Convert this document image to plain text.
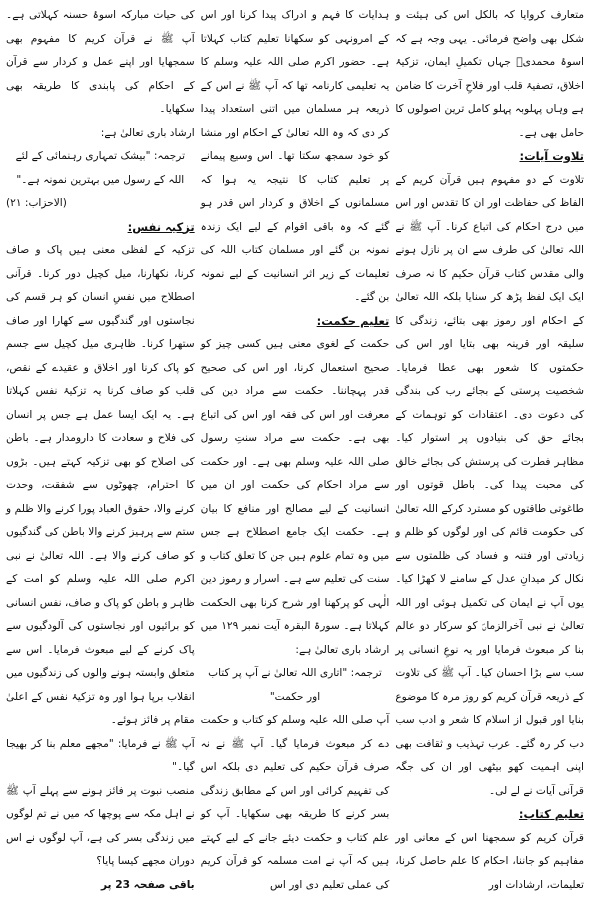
متعارف کروایا کہ بالکل اس کی ہیئت و شکل بھی واضح فرمائی۔ یہی وجہ ہے کہ اسوۂ محمدیؐ جہاں تکمیلِ ایمان، تزکیۂ اخلاق، تصفیۂ قلب اور فلاحِ آخرت کا ضامن ہے وہاں پہلوبہ پہلو کامل ترین اصولوں کا حامل بھی ہے۔

تلاوت آیات:

تلاوت کے دو مفہوم ہیں قرآن کریم کے الفاظ کی حفاظت اور ان کا تقدس اور اس میں درج احکام کی اتباع کرنا۔ آپ ﷺ نے اللہ تعالیٰ کی طرف سے ان پر نازل ہونے والی مقدس کتاب قرآن حکیم کا نہ صرف ایک ایک لفظ پڑھ کر سنایا بلکہ اللہ تعالیٰ کے احکام اور رموز بھی بتائے، زندگی کا سلیقہ اور قرینہ بھی بتایا اور اس کی حکمتوں کا شعور بھی عطا فرمایا۔ شخصیت پرستی کے بجائے رب کی بندگی کی دعوت دی۔ اعتقادات کو توہمات کے بجائے حق کی بنیادوں پر استوار کیا۔ مظاہر فطرت کی پرستش کی بجائے خالق کی محبت پیدا کی۔ باطل قوتوں اور طاغوتی طاقتوں کو مسترد کرکے اللہ تعالیٰ کی حکومت قائم کی اور لوگوں کو ظلم و زیادتی اور فتنہ و فساد کی ظلمتوں سے نکال کر میدانِ عدل کے سامنے لا کھڑا کیا۔ یوں آپ نے ایمان کی تکمیل ہوئی اور اللہ تعالیٰ نے نبی آخرالزماںؐ کو سرکار دو عالم بنا کر مبعوث فرمایا اور یہ نوعِ انسانی پر سب سے بڑا احسان کیا۔ آپ ﷺ کی تلاوت کے ذریعہ قرآن کریم کو روز مرہ کا موضوع بنایا اور قبول از اسلام کا شعر و ادب سب دب کر رہ گئے۔ عرب تہذیب و ثقافت بھی اپنی اہمیت کھو بیٹھی اور ان کی جگہ قرآنی آیات نے لے لی۔

تعلیم کتاب:

قرآن کریم کو سمجھنا اس کے معانی اور مفاہیم کو جاننا، احکام کا علم حاصل کرنا، تعلیمات، ارشادات اور

ہدایات کا فہم و ادراک پیدا کرنا اور اس کے امرونہی کو سکھانا تعلیم کتاب کہلاتا ہے۔ حضور اکرم صلی اللہ علیہ وسلم کا یہ تعلیمی کارنامہ تھا کہ آپ ﷺ نے اس کے ذریعہ ہر مسلمان میں اتنی استعداد پیدا کر دی کہ وہ اللہ تعالیٰ کے احکام اور منشا کو خود سمجھ سکتا تھا۔ اس وسیع پیمانے پر تعلیم کتاب کا نتیجہ یہ ہوا کہ مسلمانوں کے اخلاق و کردار اس قدر ہو گئے کہ وہ باقی اقوام کے لیے ایک زندہ نمونہ بن گئے اور مسلمان کتاب اللہ کی تعلیمات کے زیر اثر انسانیت کے لیے نمونہ بن گئے۔

تعلیم حکمت:

حکمت کے لغوی معنی ہیں کسی چیز کو صحیح استعمال کرنا، اور اس کی صحیح قدر پہچاننا۔ حکمت سے مراد دین کی معرفت اور اس کی فقہ اور اس کی اتباع بھی ہے۔ حکمت سے مراد سنتِ رسول صلی اللہ علیہ وسلم بھی ہے۔ اور حکمت سے مراد احکام کی حکمت اور ان میں انسانیت کے لیے مصالح اور منافع کا بیان ہے۔ حکمت ایک جامع اصطلاح ہے جس میں وہ تمام علوم ہیں جن کا تعلق کتاب و سنت کی تعلیم سے ہے۔ اسرار و رموز دین الٰہی کو پرکھنا اور شرح کرنا بھی الحکمت کہلاتا ہے۔ سورۃ البقرہ آیت نمبر ۱۲۹ میں ارشاد باری تعالیٰ ہے:

ترجمہ: "اتاری اللہ تعالیٰ نے آپ پر کتاب اور حکمت"

آپ صلی اللہ علیہ وسلم کو کتاب و حکمت دے کر مبعوث فرمایا گیا۔ آپ ﷺ نے نہ صرف قرآن حکیم کی تعلیم دی بلکہ اس کی تفہیم کرائی اور اس کے مطابق زندگی بسر کرنے کا طریقہ بھی سکھایا۔ آپ کو علم کتاب و حکمت دیئے جانے کے لیے کہتے ہیں کہ آپ نے امت مسلمہ کو قرآن کریم کی عملی تعلیم دی اور اس

کی حیات مبارکہ اسوۂ حسنہ کہلاتی ہے۔ آپ ﷺ نے قرآن کریم کا مفہوم بھی سمجھایا اور اپنے عمل و کردار سے قرآن کے احکام کی پابندی کا طریقہ بھی سکھایا۔

ارشاد باری تعالیٰ ہے:

ترجمہ: "بیشک تمہاری رہنمائی کے لئے اللہ کے رسول میں بہترین نمونہ ہے۔"

(الاحزاب: ۲۱)

تزکیہ نفس:

تزکیہ کے لفظی معنی ہیں پاک و صاف کرنا، نکھارنا، میل کچیل دور کرنا۔ قرآنی اصطلاح میں نفسِ انسان کو ہر قسم کی نجاستوں اور گندگیوں سے کھارا اور صاف ستھرا کرنا۔ ظاہری میل کچیل سے جسم کو پاک کرنا اور اخلاق و عقیدے کے نقص، قلب کو صاف کرنا یہ تزکیۂ نفس کہلاتا ہے۔ یہ ایک ایسا عمل ہے جس پر انسان کی فلاح و سعادت کا دارومدار ہے۔ باطن کی اصلاح کو بھی تزکیہ کہتے ہیں۔ بڑوں کا احترام، چھوٹوں سے شفقت، وحدت کرنے والا، حقوق العباد پورا کرنے والا ظلم و ستم سے پرہیز کرنے والا باطن کی گندگیوں کو صاف کرنے والا ہے۔ اللہ تعالیٰ نے نبی اکرم صلی اللہ علیہ وسلم کو امت کے ظاہر و باطن کو پاک و صاف، نفس انسانی کو برائیوں اور نجاستوں کی آلودگیوں سے پاک کرنے کے لیے مبعوث فرمایا۔ اس سے متعلق وابستہ ہونے والوں کی زندگیوں میں انقلاب برپا ہوا اور وہ تزکیۂ نفس کے اعلیٰ مقام پر فائز ہوئے۔

آپ ﷺ نے فرمایا: "مجھے معلم بنا کر بھیجا گیا۔"

منصب نبوت پر فائز ہونے سے پہلے آپ ﷺ نے اہل مکہ سے پوچھا کہ میں نے تم لوگوں میں زندگی بسر کی ہے، آپ لوگوں نے اس دوران مجھے کیسا پایا؟

باقی صفحہ 23 پر
